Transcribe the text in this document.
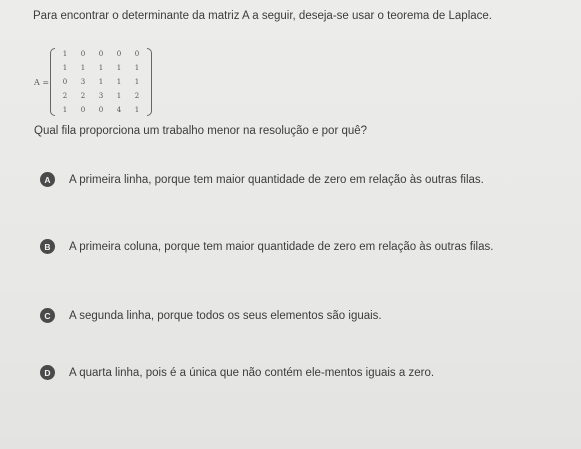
Para encontrar o determinante da matriz A a seguir, deseja-se usar o teorema de Laplace.
A =
1	0	0	0	0
1	1	1	1	1
0	3	1	1	1
2	2	3	1	2
1	0	0	4	1
Qual fila proporciona um trabalho menor na resolução e por quê?
A	A primeira linha, porque tem maior quantidade de zero em relação às outras filas.
B	A primeira coluna, porque tem maior quantidade de zero em relação às outras filas.
C	A segunda linha, porque todos os seus elementos são iguais.
D	A quarta linha, pois é a única que não contém ele-mentos iguais a zero.
